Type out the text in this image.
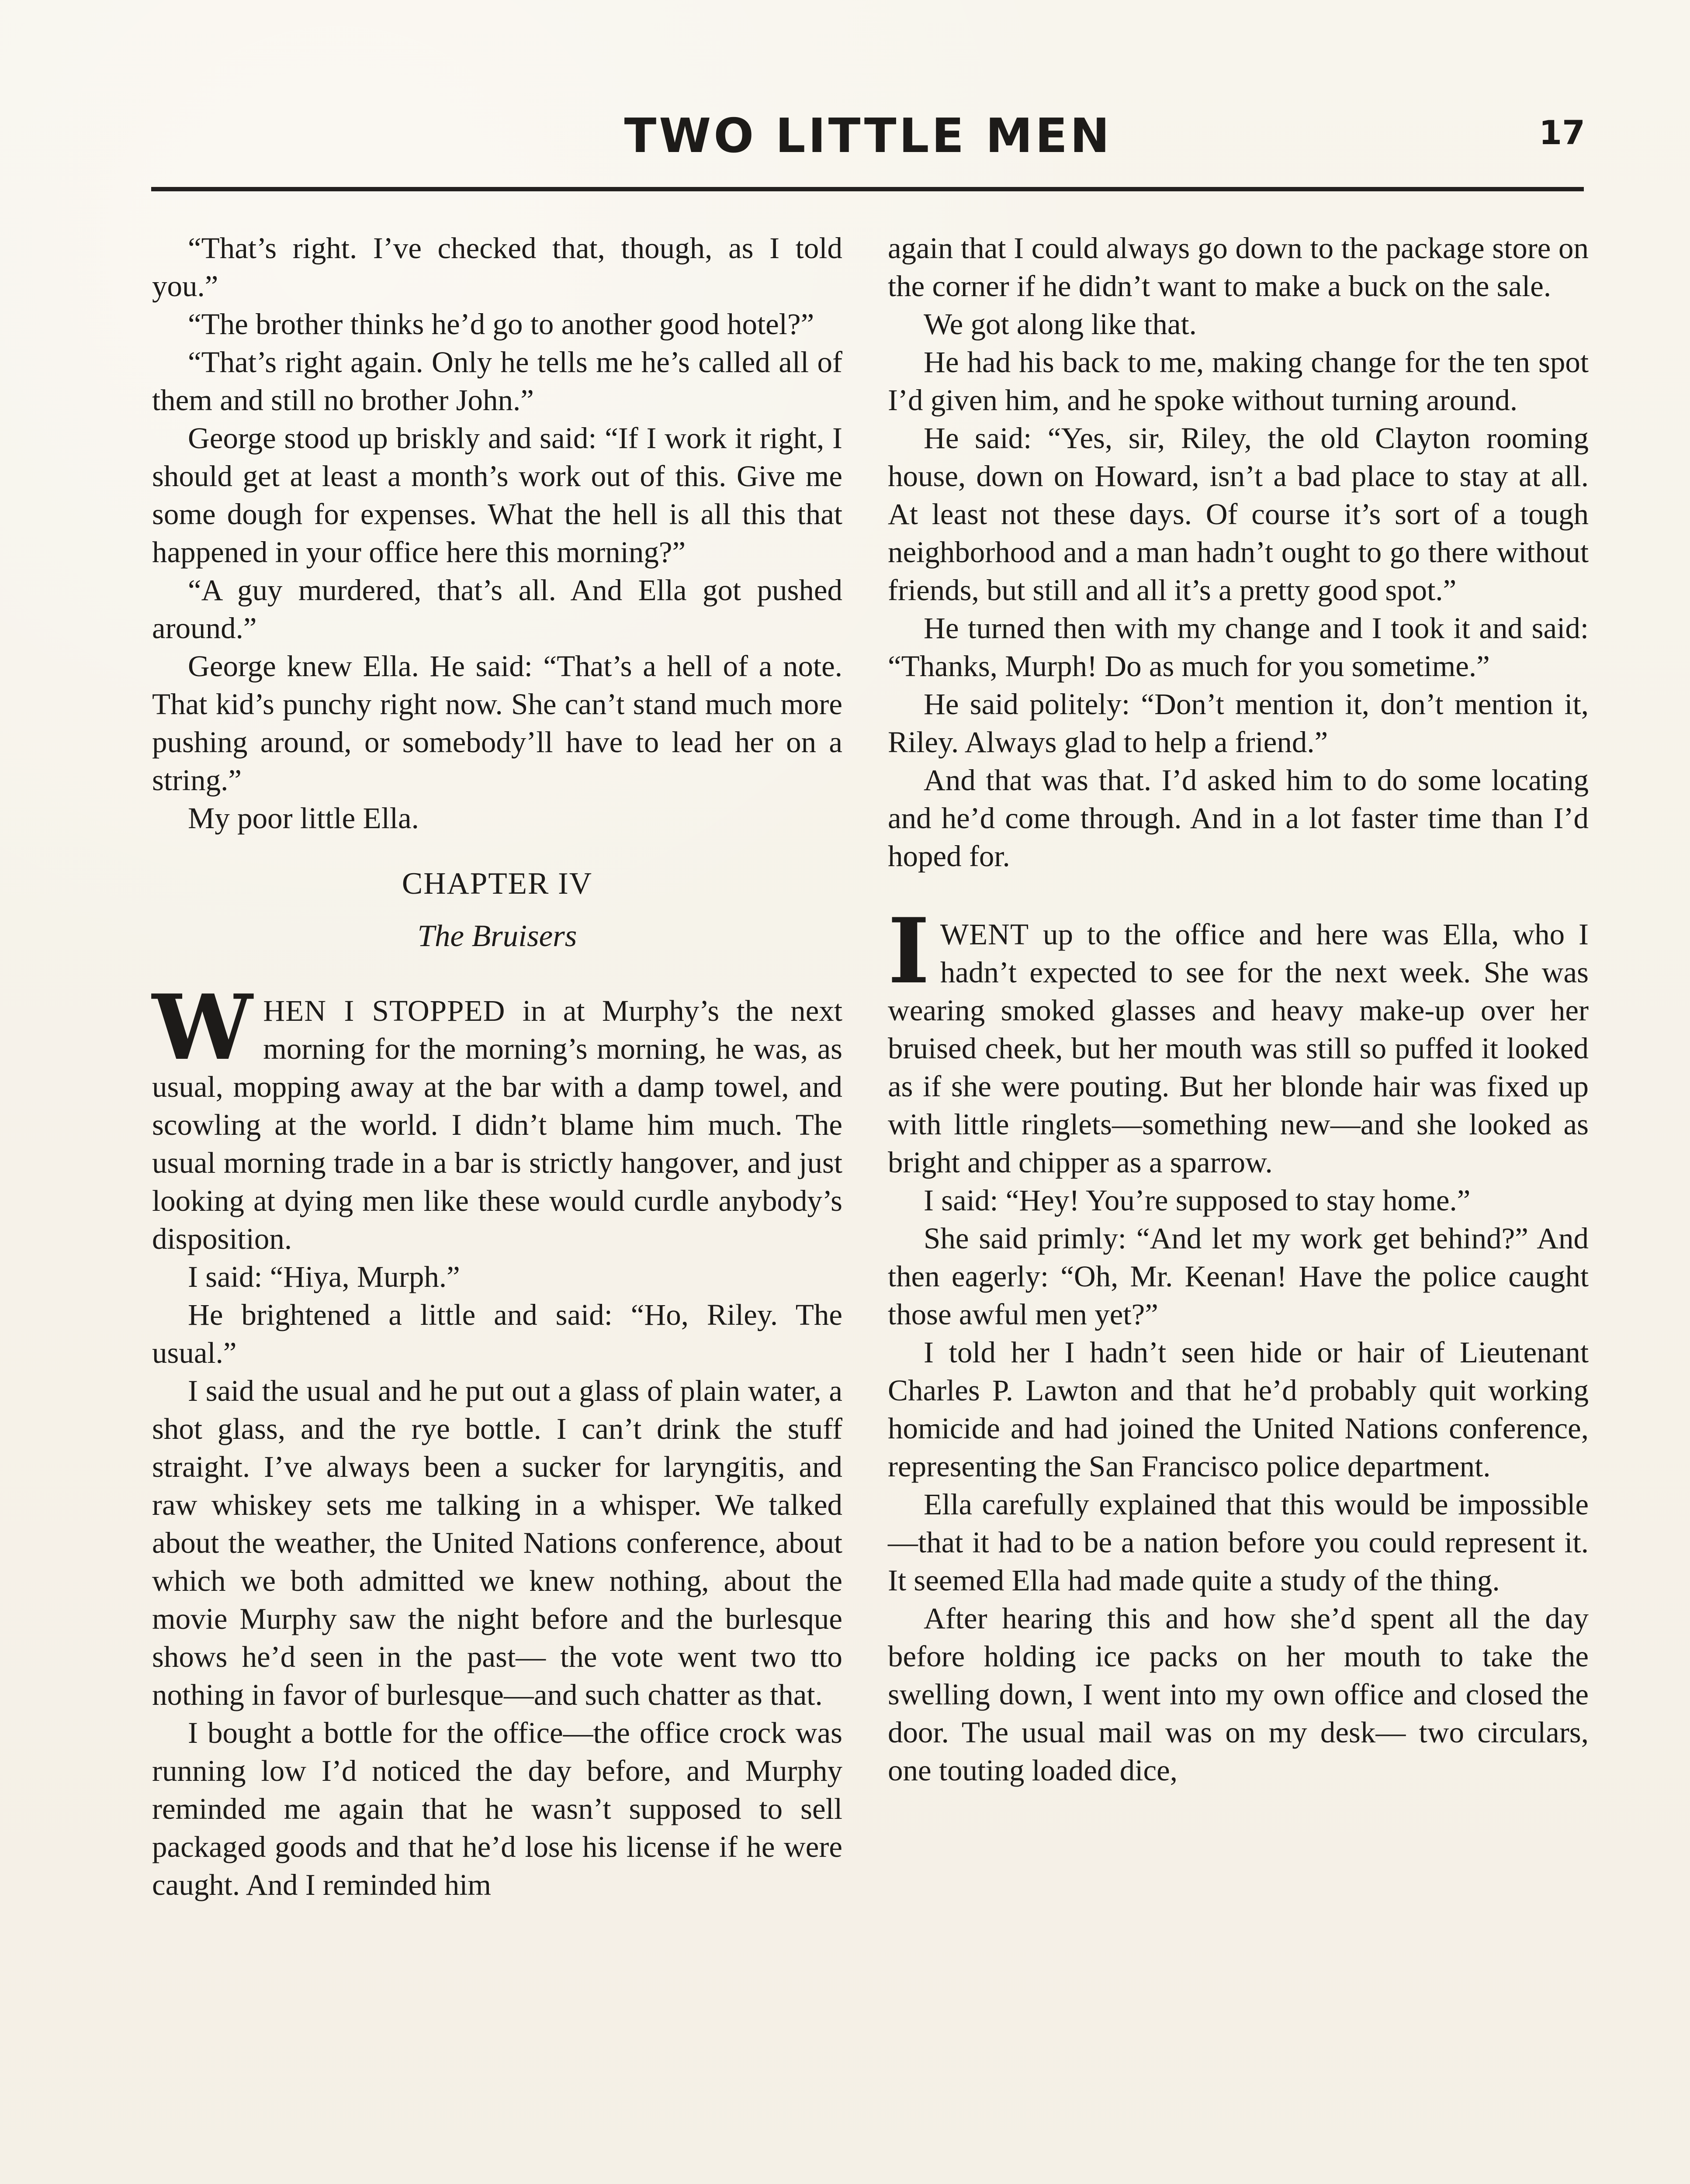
TWO LITTLE MEN	17

“That’s right. I’ve checked that, though, as I told you.”

“The brother thinks he’d go to another good hotel?”

“That’s right again. Only he tells me he’s called all of them and still no brother John.”

George stood up briskly and said: “If I work it right, I should get at least a month’s work out of this. Give me some dough for expenses. What the hell is all this that happened in your office here this morning?”

“A guy murdered, that’s all. And Ella got pushed around.”

George knew Ella. He said: “That’s a hell of a note. That kid’s punchy right now. She can’t stand much more pushing around, or somebody’ll have to lead her on a string.”

My poor little Ella.

CHAPTER IV
The Bruisers

WHEN I STOPPED in at Murphy’s the next morning for the morning’s morning, he was, as usual, mopping away at the bar with a damp towel, and scowling at the world. I didn’t blame him much. The usual morning trade in a bar is strictly hangover, and just looking at dying men like these would curdle anybody’s disposition.

I said: “Hiya, Murph.”

He brightened a little and said: “Ho, Riley. The usual.”

I said the usual and he put out a glass of plain water, a shot glass, and the rye bottle. I can’t drink the stuff straight. I’ve always been a sucker for laryngitis, and raw whiskey sets me talking in a whisper. We talked about the weather, the United Nations conference, about which we both admitted we knew nothing, about the movie Murphy saw the night before and the burlesque shows he’d seen in the past— the vote went two tto nothing in favor of burlesque—and such chatter as that.

I bought a bottle for the office—the office crock was running low I’d noticed the day before, and Murphy reminded me again that he wasn’t supposed to sell packaged goods and that he’d lose his license if he were caught. And I reminded him

again that I could always go down to the package store on the corner if he didn’t want to make a buck on the sale.

We got along like that.

He had his back to me, making change for the ten spot I’d given him, and he spoke without turning around.

He said: “Yes, sir, Riley, the old Clayton rooming house, down on Howard, isn’t a bad place to stay at all. At least not these days. Of course it’s sort of a tough neighborhood and a man hadn’t ought to go there without friends, but still and all it’s a pretty good spot.”

He turned then with my change and I took it and said: “Thanks, Murph! Do as much for you sometime.”

He said politely: “Don’t mention it, don’t mention it, Riley. Always glad to help a friend.”

And that was that. I’d asked him to do some locating and he’d come through. And in a lot faster time than I’d hoped for.

I WENT up to the office and here was Ella, who I hadn’t expected to see for the next week. She was wearing smoked glasses and heavy make-up over her bruised cheek, but her mouth was still so puffed it looked as if she were pouting. But her blonde hair was fixed up with little ringlets—something new—and she looked as bright and chipper as a sparrow.

I said: “Hey! You’re supposed to stay home.”

She said primly: “And let my work get behind?” And then eagerly: “Oh, Mr. Keenan! Have the police caught those awful men yet?”

I told her I hadn’t seen hide or hair of Lieutenant Charles P. Lawton and that he’d probably quit working homicide and had joined the United Nations conference, representing the San Francisco police department.

Ella carefully explained that this would be impossible—that it had to be a nation before you could represent it. It seemed Ella had made quite a study of the thing.

After hearing this and how she’d spent all the day before holding ice packs on her mouth to take the swelling down, I went into my own office and closed the door. The usual mail was on my desk— two circulars, one touting loaded dice,
